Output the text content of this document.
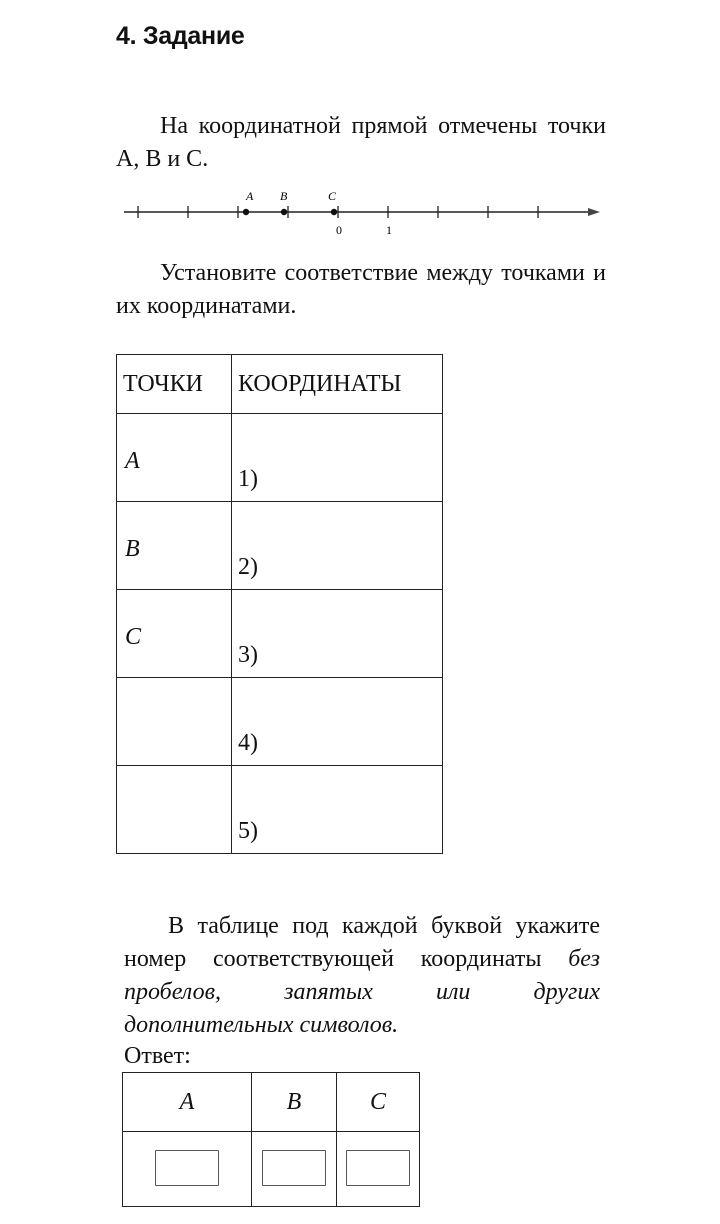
4. Задание
На координатной прямой отмечены точки A, B и C.
A B	C
0	1
Установите соответствие между точками и их координатами.
ТОЧКИ	КООРДИНАТЫ
A	1)
B	2)
C	3)
	4)
	5)
В таблице под каждой буквой укажите номер соответствующей координаты без пробелов, запятых или других дополнительных символов.
Ответ:
A	B	C
